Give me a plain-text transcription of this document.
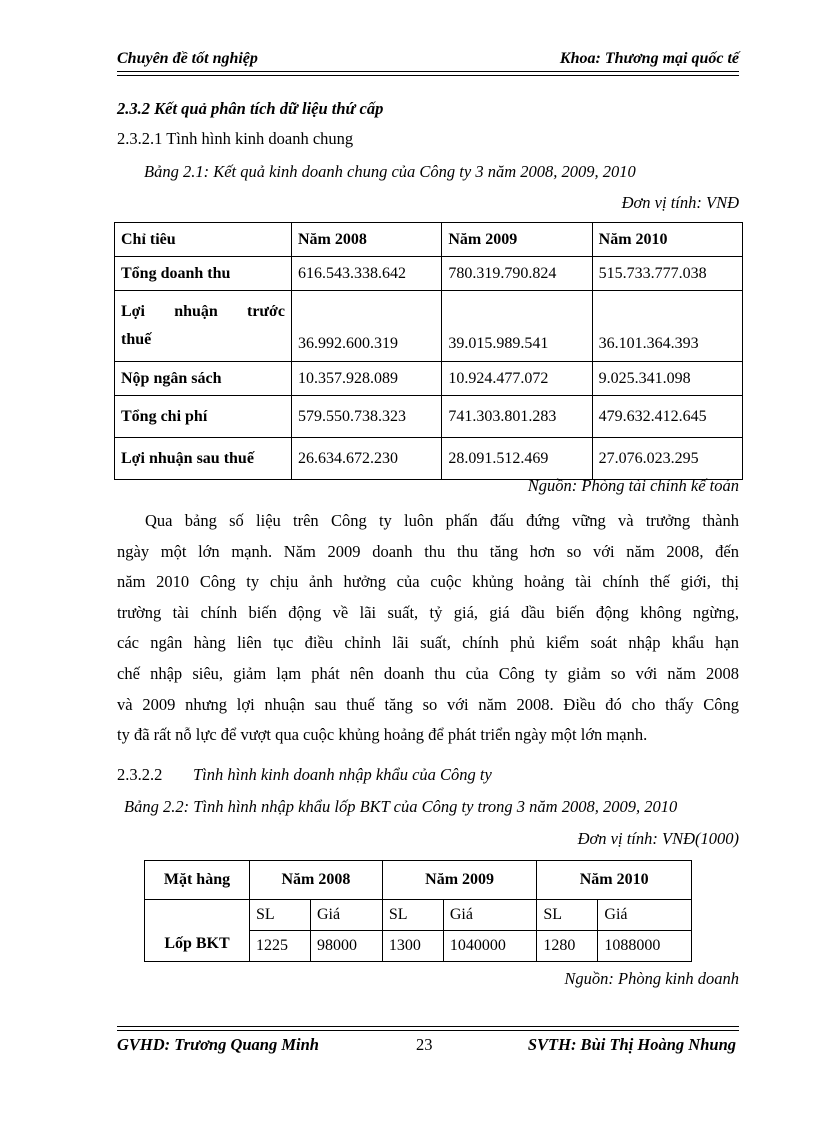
Chuyên đề tốt nghiệp	Khoa: Thương mại quốc tế
2.3.2 Kết quả phân tích dữ liệu thứ cấp
2.3.2.1 Tình hình kinh doanh chung
Bảng 2.1: Kết quả kinh doanh chung của Công ty 3 năm 2008, 2009, 2010
Đơn vị tính: VNĐ
Chỉ tiêu	Năm 2008	Năm 2009	Năm 2010
Tổng doanh thu	616.543.338.642	780.319.790.824	515.733.777.038

Lợi nhuận trước
thuế	36.992.600.319	39.015.989.541	36.101.364.393
Nộp ngân sách	10.357.928.089	10.924.477.072	9.025.341.098
Tổng chi phí	579.550.738.323	741.303.801.283	479.632.412.645
Lợi nhuận sau thuế	26.634.672.230	28.091.512.469	27.076.023.295
Nguồn: Phòng tài chính kế toán
Qua bảng số liệu trên Công ty luôn phấn đấu đứng vững và trưởng thành
ngày một lớn mạnh. Năm 2009 doanh thu thu tăng hơn so với năm 2008, đến
năm 2010 Công ty chịu ảnh hưởng của cuộc khủng hoảng tài chính thế giới, thị
trường tài chính biến động về lãi suất, tỷ giá, giá dầu biến động không ngừng,
các ngân hàng liên tục điều chỉnh lãi suất, chính phủ kiểm soát nhập khẩu hạn
chế nhập siêu, giảm lạm phát nên doanh thu của Công ty giảm so với năm 2008
và 2009 nhưng lợi nhuận sau thuế tăng so với năm 2008. Điều đó cho thấy Công
ty đã rất nỗ lực để vượt qua cuộc khủng hoảng để phát triển ngày một lớn mạnh.
2.3.2.2 Tình hình kinh doanh nhập khẩu của Công ty
Bảng 2.2: Tình hình nhập khẩu lốp BKT của Công ty trong 3 năm 2008, 2009, 2010
Đơn vị tính: VNĐ(1000)
Mặt hàng	Năm 2008		Năm 2009		Năm 2010	
Lốp BKT	SL	Giá	SL	Giá	SL	Giá
	1225	98000	1300	1040000	1280	1088000
Nguồn: Phòng kinh doanh
GVHD: Trương Quang Minh	23	SVTH: Bùi Thị Hoàng Nhung
